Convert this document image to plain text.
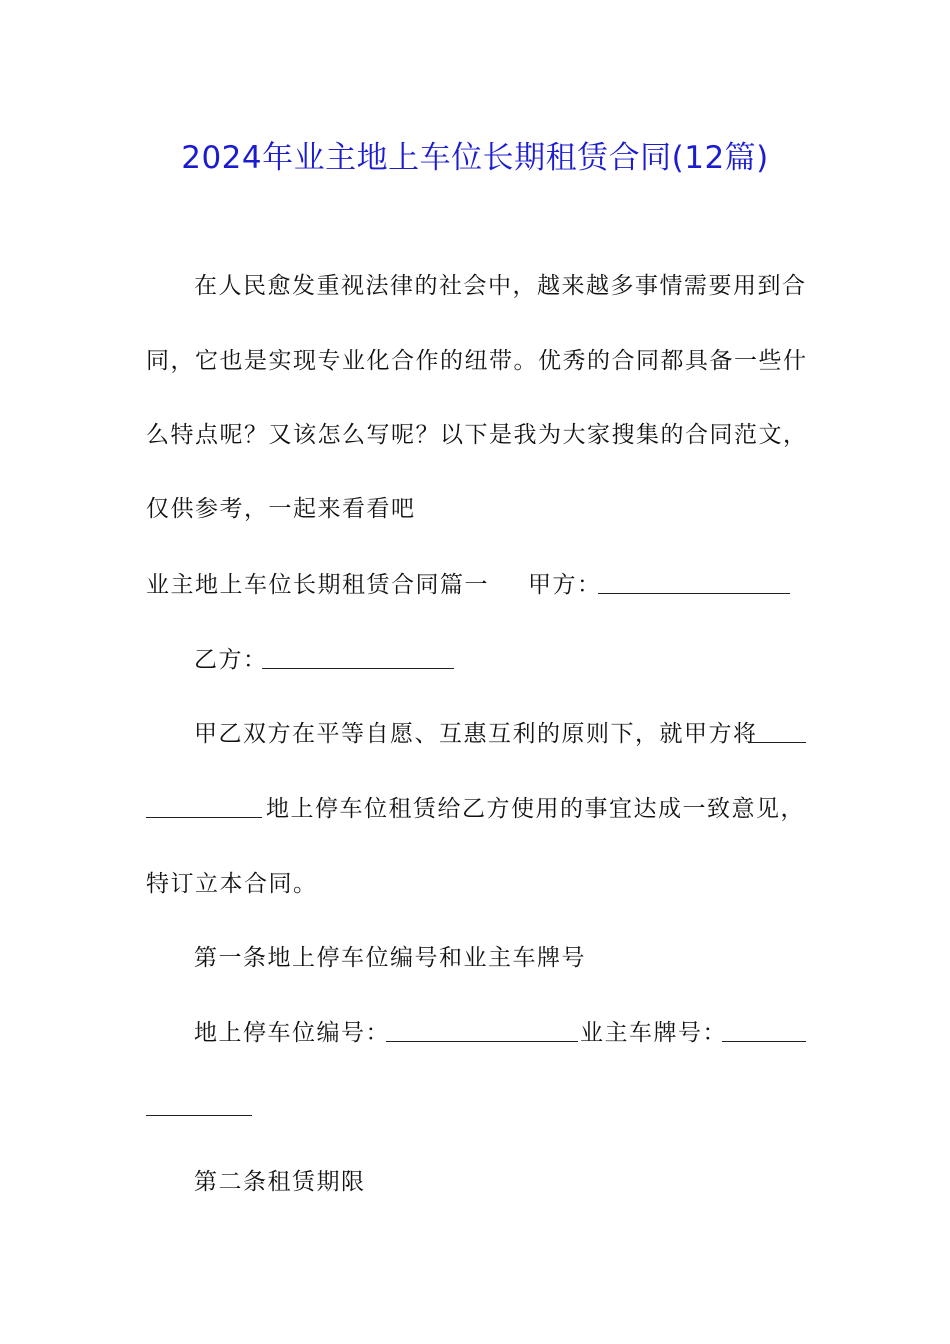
2024年业主地上车位长期租赁合同(12篇)
在人民愈发重视法律的社会中，越来越多事情需要用到合
同，它也是实现专业化合作的纽带。优秀的合同都具备一些什
么特点呢？又该怎么写呢？以下是我为大家搜集的合同范文，
仅供参考，一起来看看吧
业主地上车位长期租赁合同篇一 甲方：
乙方：
甲乙双方在平等自愿、互惠互利的原则下，就甲方将
地上停车位租赁给乙方使用的事宜达成一致意见，
特订立本合同。
第一条地上停车位编号和业主车牌号
地上停车位编号：	业主车牌号：
第二条租赁期限
